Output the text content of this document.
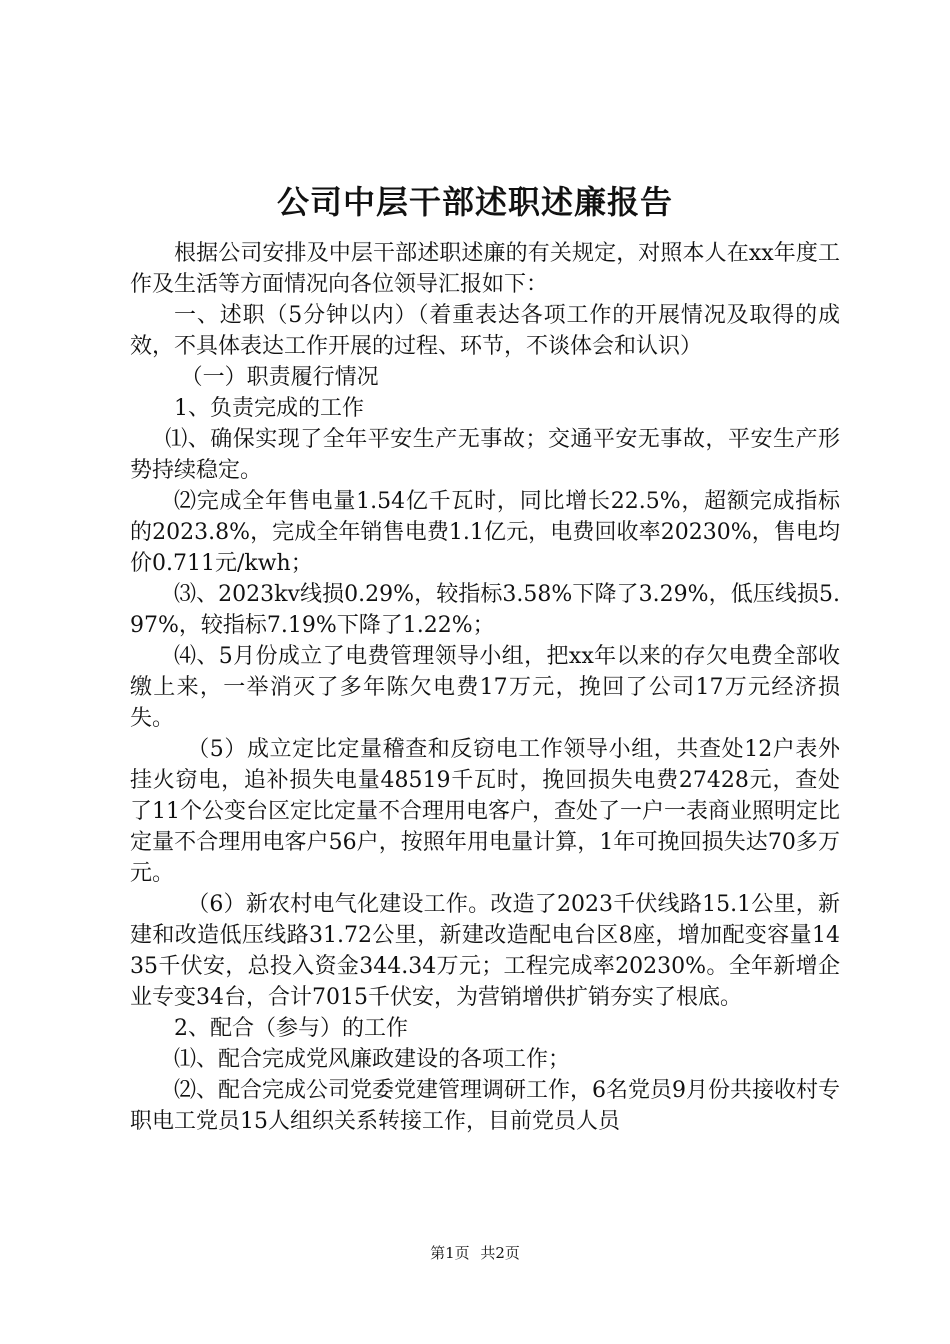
公司中层干部述职述廉报告

根据公司安排及中层干部述职述廉的有关规定，对照本人在xx年度工作及生活等方面情况向各位领导汇报如下：

一、述职（5分钟以内）（着重表达各项工作的开展情况及取得的成效，不具体表达工作开展的过程、环节，不谈体会和认识）

（一）职责履行情况

1、负责完成的工作

⑴、确保实现了全年平安生产无事故；交通平安无事故，平安生产形势持续稳定。

⑵完成全年售电量1.54亿千瓦时，同比增长22.5%，超额完成指标的2023.8%，完成全年销售电费1.1亿元，电费回收率20230%，售电均价0.711元/kwh；

⑶、2023kv线损0.29%，较指标3.58%下降了3.29%，低压线损5.97%，较指标7.19%下降了1.22%；

⑷、5月份成立了电费管理领导小组，把xx年以来的存欠电费全部收缴上来，一举消灭了多年陈欠电费17万元，挽回了公司17万元经济损失。

（5）成立定比定量稽查和反窃电工作领导小组，共查处12户表外挂火窃电，追补损失电量48519千瓦时，挽回损失电费27428元，查处了11个公变台区定比定量不合理用电客户，查处了一户一表商业照明定比定量不合理用电客户56户，按照年用电量计算，1年可挽回损失达70多万元。

（6）新农村电气化建设工作。改造了2023千伏线路15.1公里，新建和改造低压线路31.72公里，新建改造配电台区8座，增加配变容量1435千伏安，总投入资金344.34万元；工程完成率20230%。全年新增企业专变34台，合计7015千伏安，为营销增供扩销夯实了根底。

2、配合（参与）的工作

⑴、配合完成党风廉政建设的各项工作；

⑵、配合完成公司党委党建管理调研工作，6名党员9月份共接收村专职电工党员15人组织关系转接工作，目前党员人员

第1页 共2页
